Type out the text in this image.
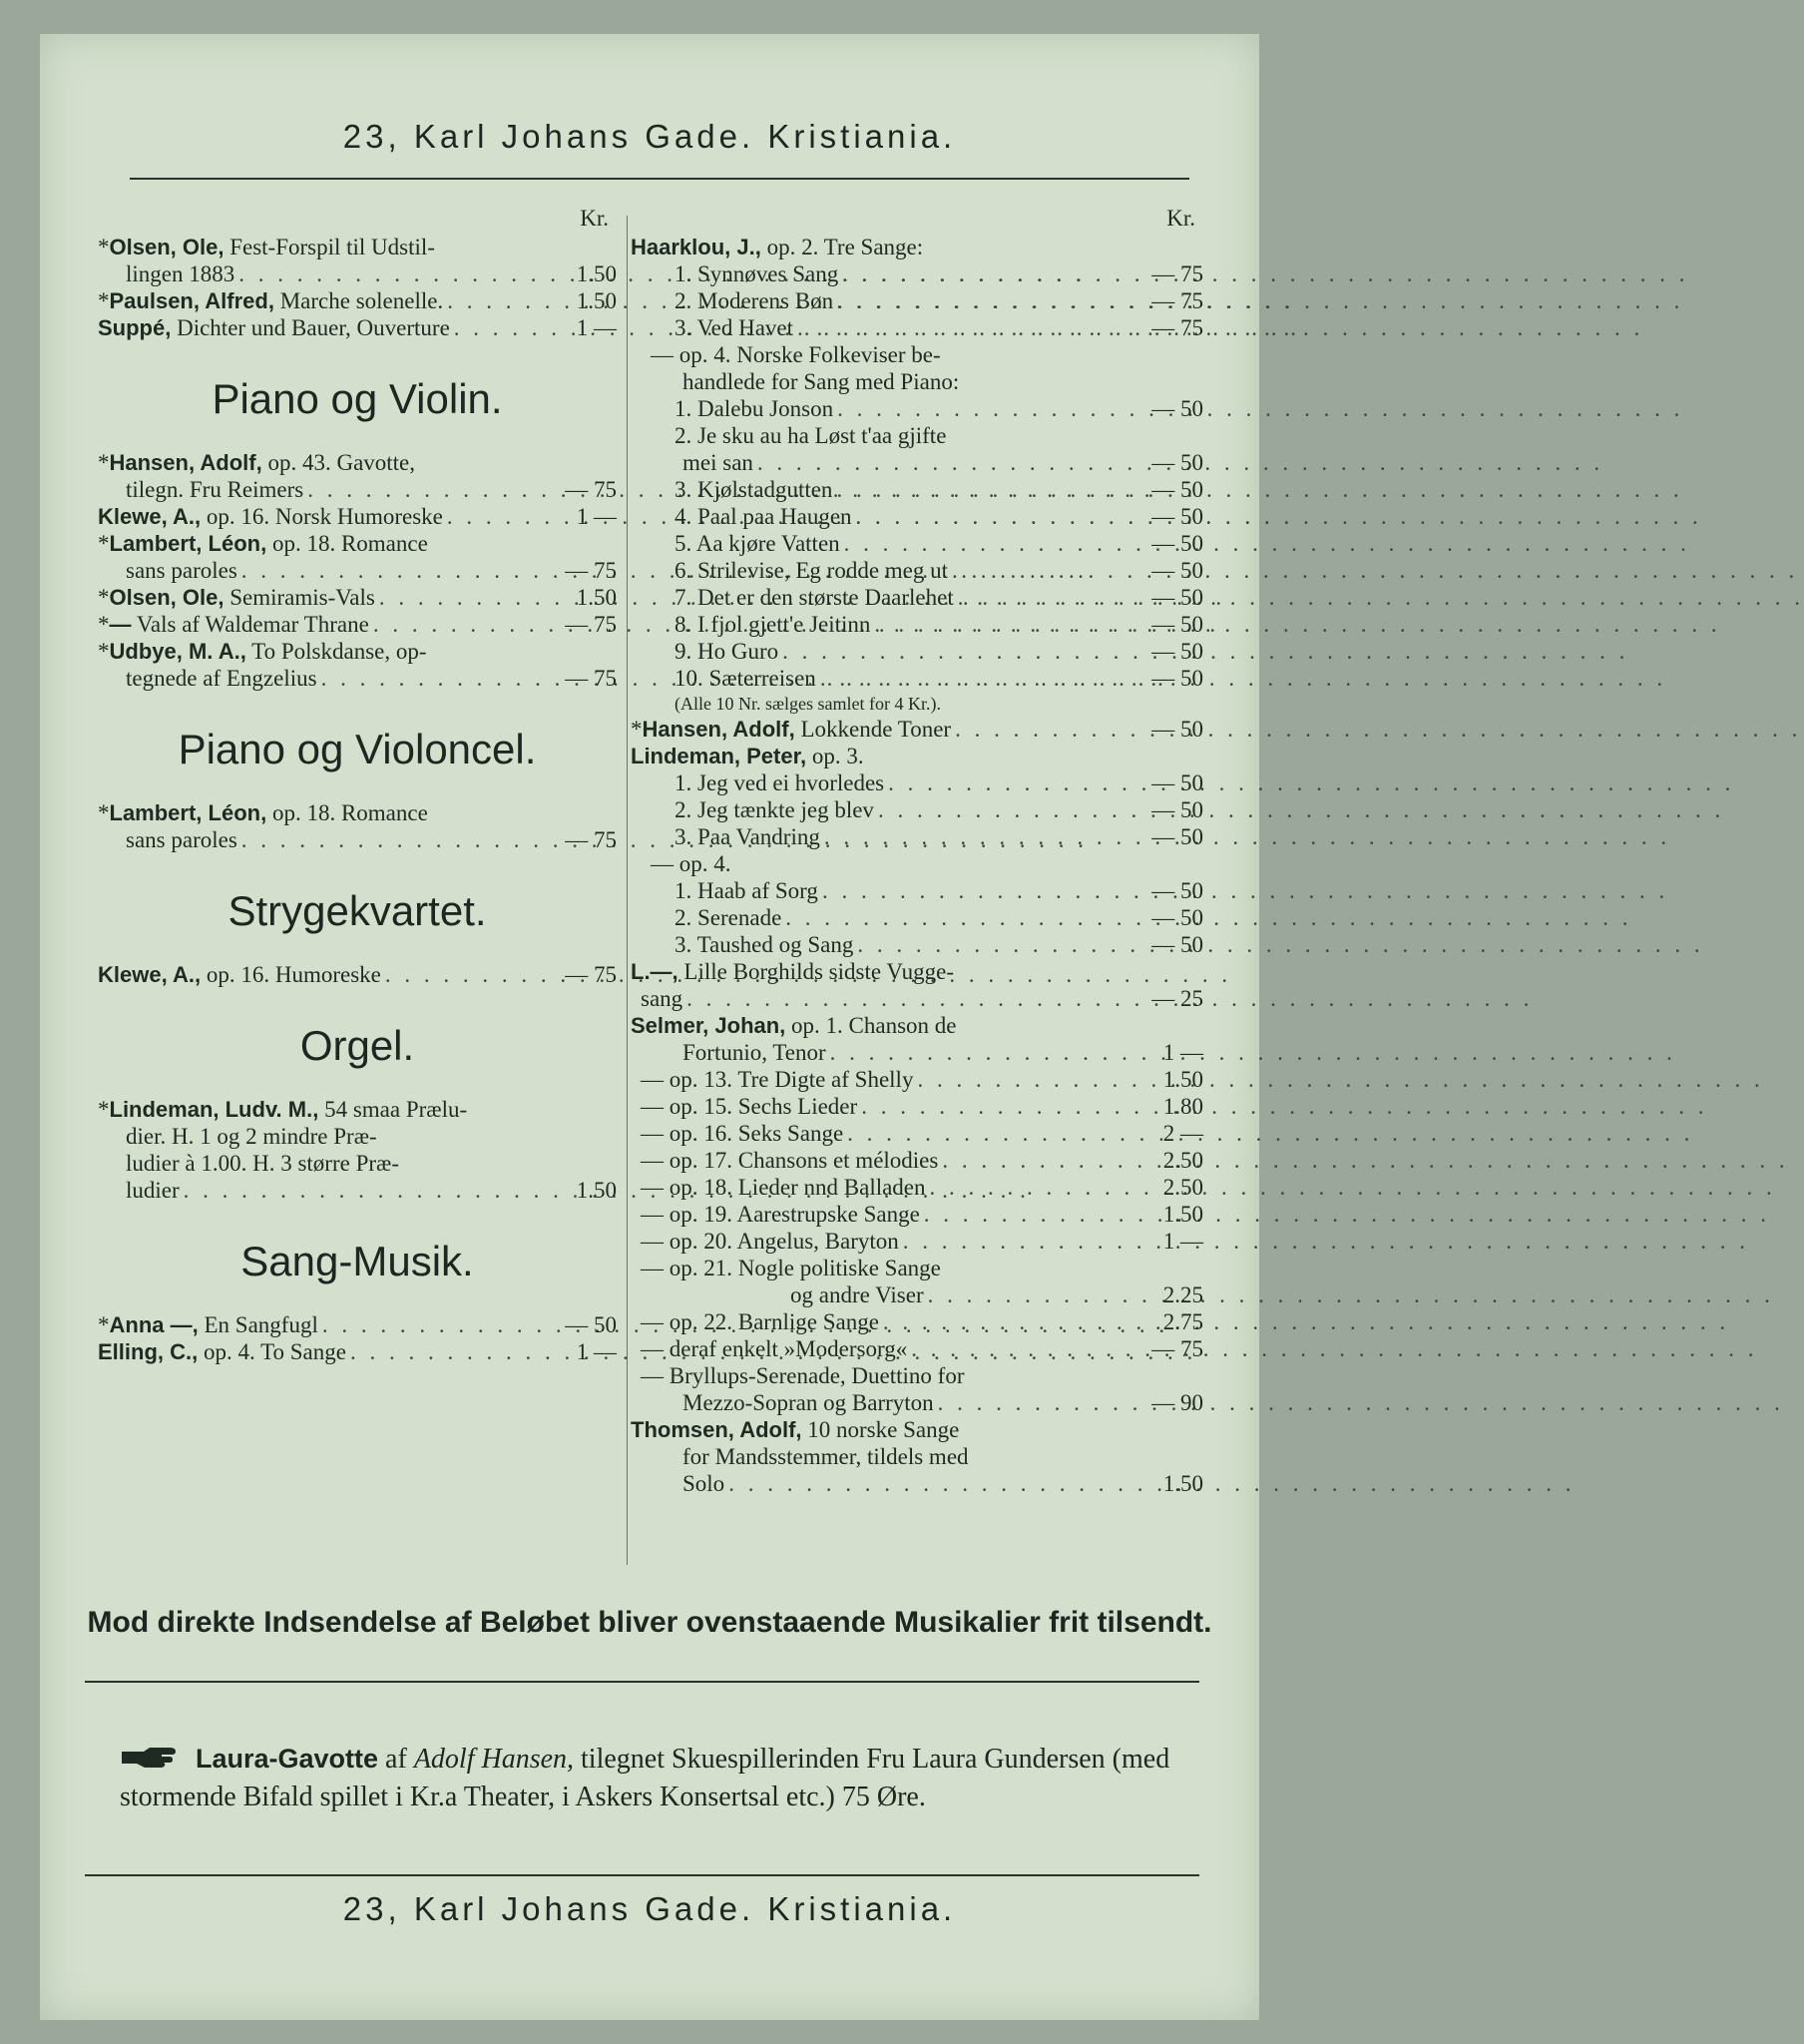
23, Karl Johans Gade. Kristiania.
Kr.
*Olsen, Ole, Fest-Forspil til Udstil-
lingen 1883 . . .	1.50
*Paulsen, Alfred, Marche solenelle. . . .	1.50
Suppé, Dichter und Bauer, Ouverture . . .	1 —
Piano og Violin.
*Hansen, Adolf, op. 43. Gavotte,
tilegn. Fru Reimers . . .	— 75
Klewe, A., op. 16. Norsk Humoreske . . .	1 —
*Lambert, Léon, op. 18. Romance
sans paroles . . .	— 75
*Olsen, Ole, Semiramis-Vals . . .	1.50
*— Vals af Waldemar Thrane . . .	— 75
*Udbye, M. A., To Polskdanse, op-
tegnede af Engzelius . . .	— 75
Piano og Violoncel.
*Lambert, Léon, op. 18. Romance
sans paroles . . .	— 75
Strygekvartet.
Klewe, A., op. 16. Humoreske . . .	— 75
Orgel.
*Lindeman, Ludv. M., 54 smaa Prælu-
dier. H. 1 og 2 mindre Præ-
ludier à 1.00. H. 3 større Præ-
ludier . . .	1.50
Sang-Musik.
*Anna —, En Sangfugl . . .	— 50
Elling, C., op. 4. To Sange . . .	1 —
Kr.
Haarklou, J., op. 2. Tre Sange:
1. Synnøves Sang . . .	— 75
2. Moderens Bøn . . .	— 75
3. Ved Havet . . .	— 75
— op. 4. Norske Folkeviser be-
handlede for Sang med Piano:
1. Dalebu Jonson . . .	— 50
2. Je sku au ha Løst t'aa gjifte
mei san . . .	— 50
3. Kjølstadgutten . . .	— 50
4. Paal paa Haugen . . .	— 50
5. Aa kjøre Vatten . . .	— 50
6. Strilevise, Eg rodde meg ut . . .	— 50
7. Det er den største Daarlehet . . .	— 50
8. I fjol gjett'e Jeitinn . . .	— 50
9. Ho Guro . . .	— 50
10. Sæterreisen . . .	— 50
(Alle 10 Nr. sælges samlet for 4 Kr.).
*Hansen, Adolf, Lokkende Toner . . .	— 50
Lindeman, Peter, op. 3.
1. Jeg ved ei hvorledes . . .	— 50
2. Jeg tænkte jeg blev . . .	— 50
3. Paa Vandring . . .	— 50
— op. 4.
1. Haab af Sorg . . .	— 50
2. Serenade . . .	— 50
3. Taushed og Sang . . .	— 50
L.—, Lille Borghilds sidste Vugge-
sang . . .	— 25
Selmer, Johan, op. 1. Chanson de
Fortunio, Tenor . . .	1 —
— op. 13. Tre Digte af Shelly . . .	1.50
— op. 15. Sechs Lieder . . .	1.80
— op. 16. Seks Sange . . .	2 —
— op. 17. Chansons et mélodies . . .	2.50
— op. 18. Lieder nnd Balladen . . .	2.50
— op. 19. Aarestrupske Sange . . .	1.50
— op. 20. Angelus, Baryton . . .	1 —
— op. 21. Nogle politiske Sange
og andre Viser . . .	2.25
— op. 22. Barnlige Sange . . .	2.75
— deraf enkelt »Modersorg« . . .	— 75
— Bryllups-Serenade, Duettino for
Mezzo-Sopran og Barryton . . .	— 90
Thomsen, Adolf, 10 norske Sange
for Mandsstemmer, tildels med
Solo . . .	1.50
Mod direkte Indsendelse af Beløbet bliver ovenstaaende Musikalier frit tilsendt.
Laura-Gavotte af Adolf Hansen, tilegnet Skuespillerinden Fru Laura Gundersen (med stormende Bifald spillet i Kr.a Theater, i Askers Konsertsal etc.) 75 Øre.
23, Karl Johans Gade. Kristiania.
